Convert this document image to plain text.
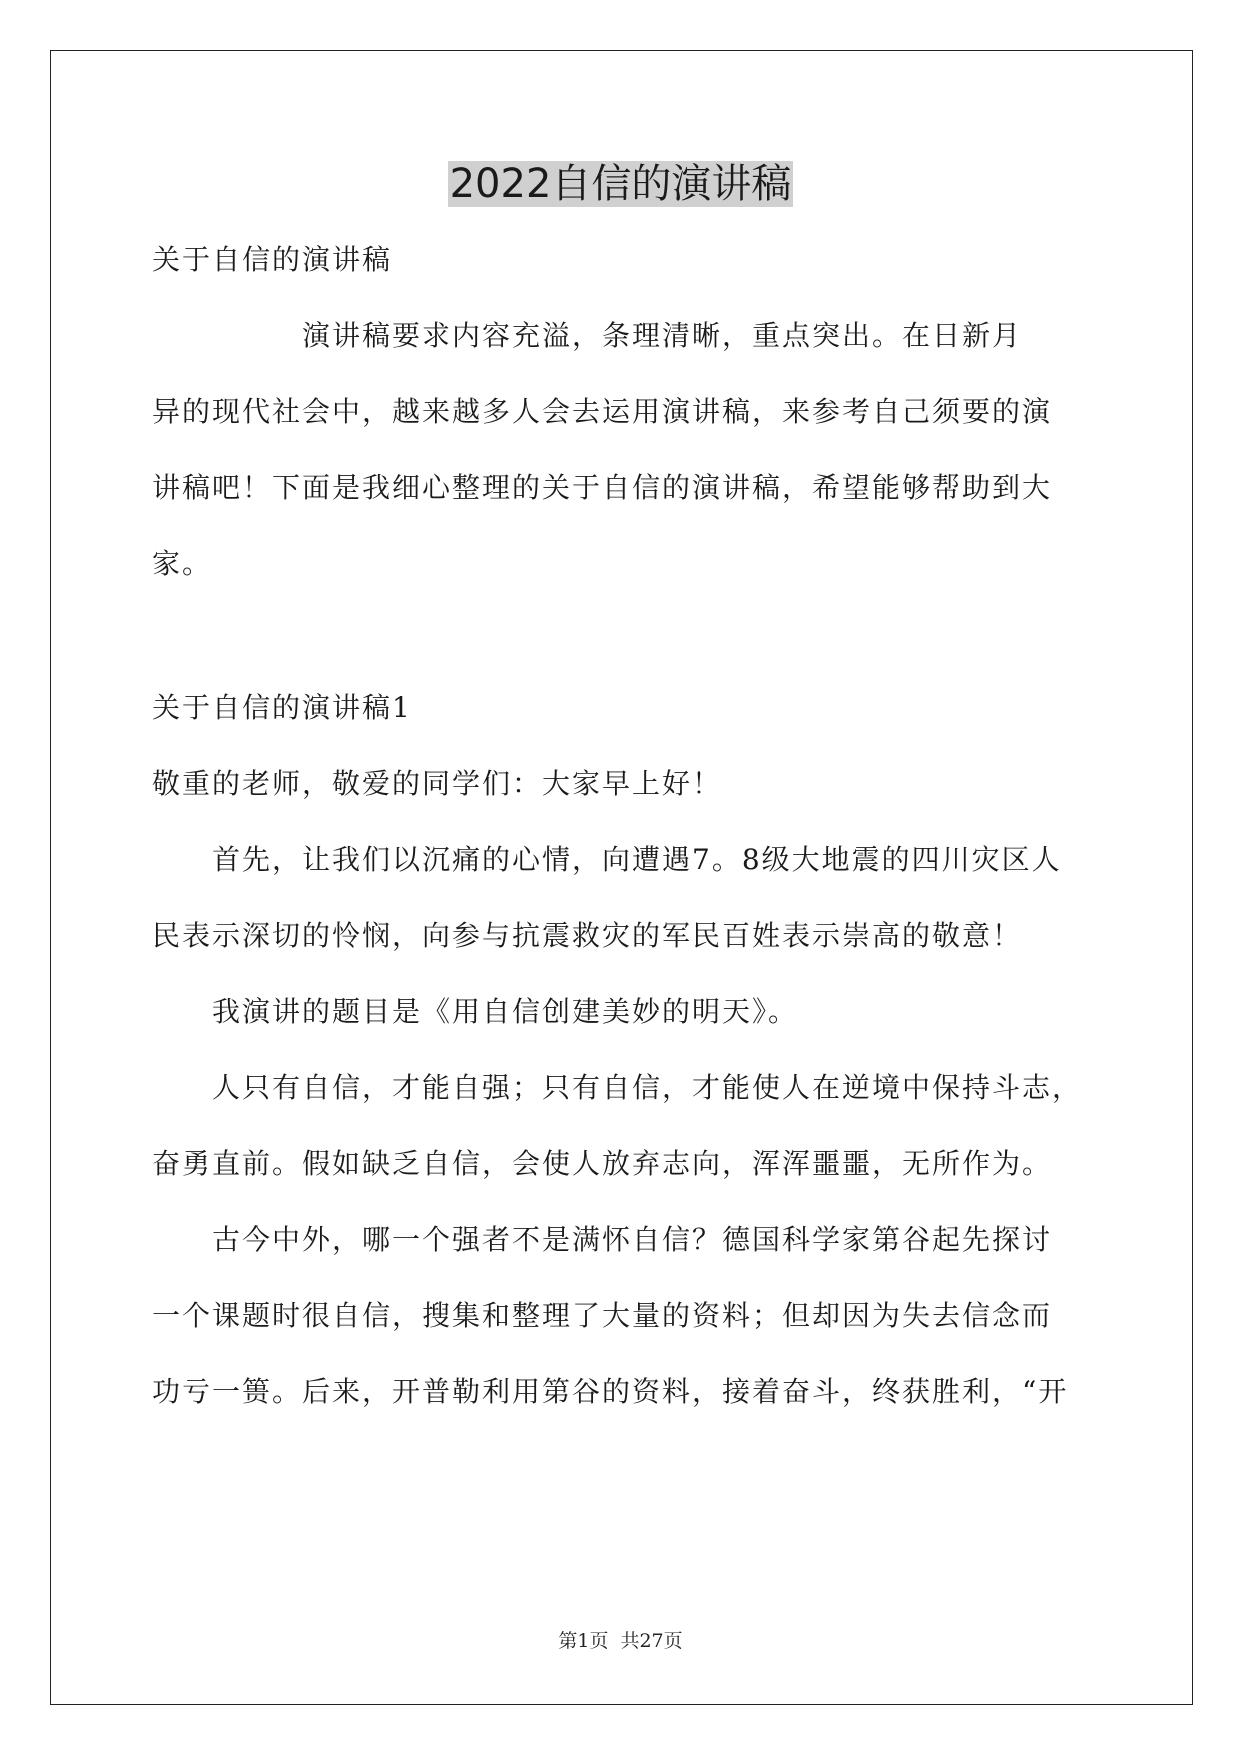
2022自信的演讲稿
关于自信的演讲稿
　　　　　演讲稿要求内容充溢，条理清晰，重点突出。在日新月
异的现代社会中，越来越多人会去运用演讲稿，来参考自己须要的演
讲稿吧！下面是我细心整理的关于自信的演讲稿，希望能够帮助到大
家。
关于自信的演讲稿1
敬重的老师，敬爱的同学们：大家早上好！
　　首先，让我们以沉痛的心情，向遭遇7。8级大地震的四川灾区人
民表示深切的怜悯，向参与抗震救灾的军民百姓表示崇高的敬意！
　　我演讲的题目是《用自信创建美妙的明天》。
　　人只有自信，才能自强；只有自信，才能使人在逆境中保持斗志，
奋勇直前。假如缺乏自信，会使人放弃志向，浑浑噩噩，无所作为。
　　古今中外，哪一个强者不是满怀自信？德国科学家第谷起先探讨
一个课题时很自信，搜集和整理了大量的资料；但却因为失去信念而
功亏一篑。后来，开普勒利用第谷的资料，接着奋斗，终获胜利，“开
第1页 共27页
